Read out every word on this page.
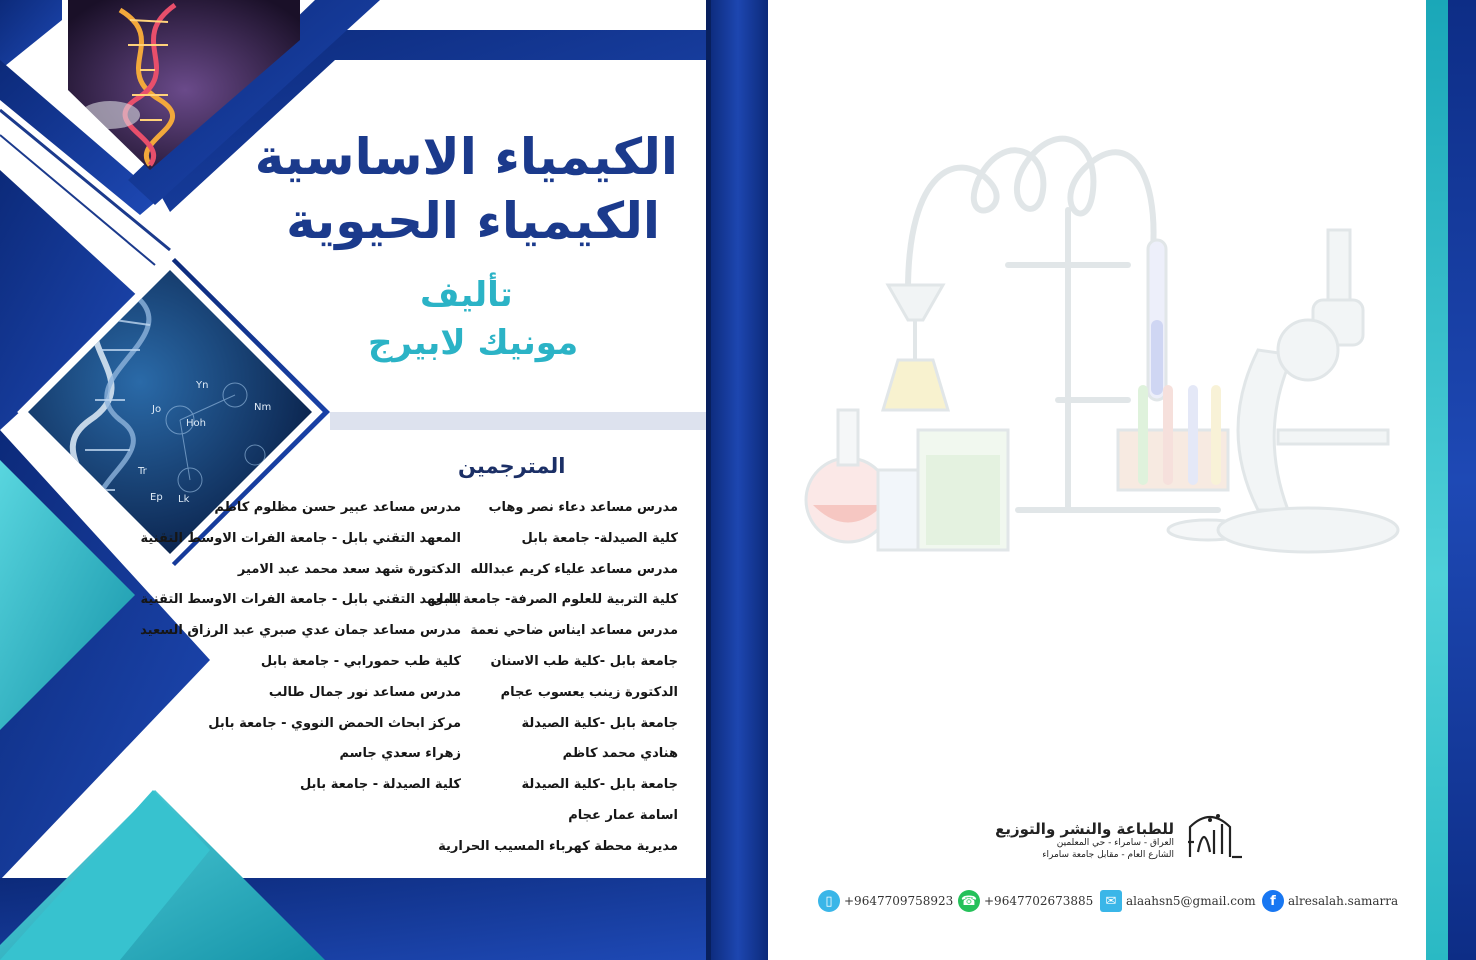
Yn
Jo
Hoh
Nm
Tr
Lk
Ep
الكيمياء الاساسية
الكيمياء الحيوية
تأليف
مونيك لابيرج
المترجمين
مدرس مساعد دعاء نصر وهاب
كلية الصيدلة- جامعة بابل
مدرس مساعد علياء كريم عبدالله
كلية التربية للعلوم الصرفة- جامعة بابل
مدرس مساعد ايناس ضاحي نعمة
جامعة بابل -كلية طب الاسنان
الدكتورة زينب يعسوب عجام
جامعة بابل -كلية الصيدلة
هنادي محمد كاظم
جامعة بابل -كلية الصيدلة
اسامة عمار عجام
مديرية محطة كهرباء المسيب الحرارية
مدرس مساعد عبير حسن مظلوم كاظم
المعهد التقني بابل - جامعة الفرات الاوسط التقنية
الدكتورة شهد سعد محمد عبد الامير
المعهد التقني بابل - جامعة الفرات الاوسط التقنية
مدرس مساعد جمان عدي صبري عبد الرزاق السعيد
كلية طب حمورابي - جامعة بابل
مدرس مساعد نور جمال طالب
مركز ابحاث الحمض النووي - جامعة بابل
زهراء سعدي جاسم
كلية الصيدلة - جامعة بابل
للطباعة والنشر والتوزيع
العراق - سامراء - حي المعلمين
الشارع العام - مقابل جامعة سامراء
▯ +9647709758923 ☎ +9647702673885 ✉ alaahsn5@gmail.com	f	alresalah.samarra
